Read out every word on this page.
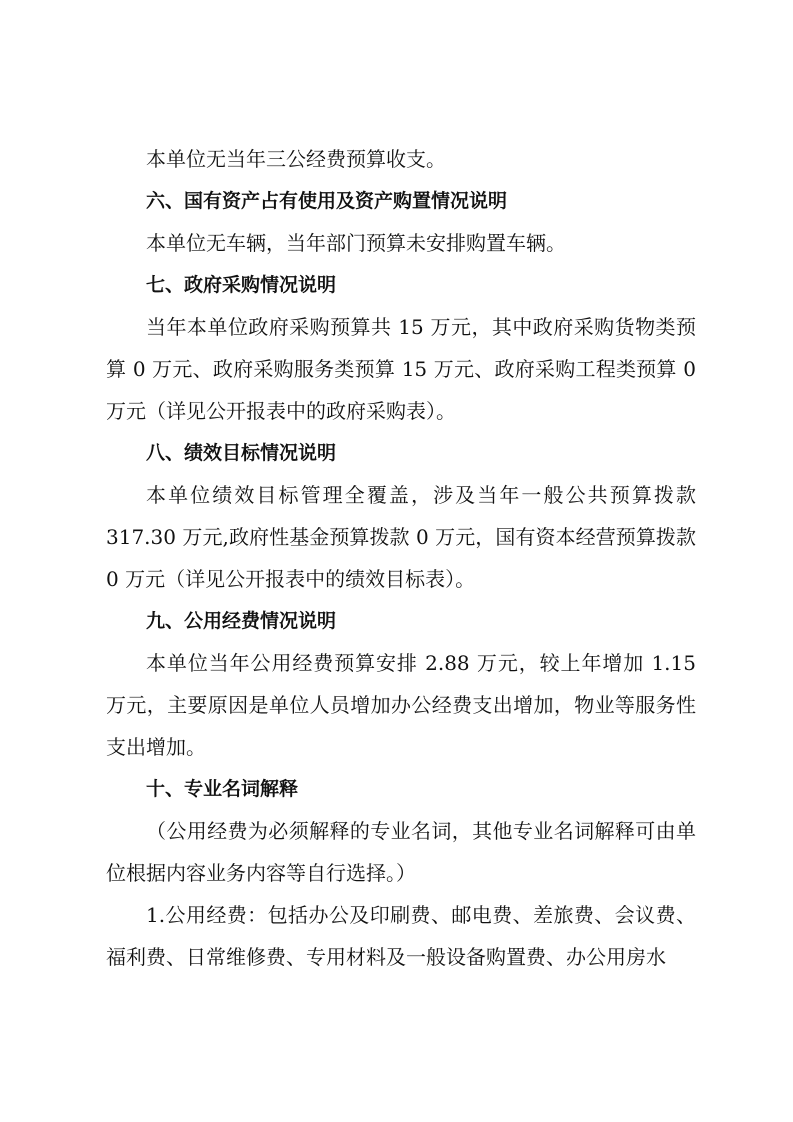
本单位无当年三公经费预算收支。

六、国有资产占有使用及资产购置情况说明

本单位无车辆，当年部门预算未安排购置车辆。

七、政府采购情况说明

当年本单位政府采购预算共 15 万元，其中政府采购货物类预算 0 万元、政府采购服务类预算 15 万元、政府采购工程类预算 0 万元（详见公开报表中的政府采购表）。

八、绩效目标情况说明

本单位绩效目标管理全覆盖，涉及当年一般公共预算拨款 317.30 万元,政府性基金预算拨款 0 万元，国有资本经营预算拨款 0 万元（详见公开报表中的绩效目标表）。

九、公用经费情况说明

本单位当年公用经费预算安排 2.88 万元，较上年增加 1.15 万元，主要原因是单位人员增加办公经费支出增加，物业等服务性支出增加。

十、专业名词解释

（公用经费为必须解释的专业名词，其他专业名词解释可由单位根据内容业务内容等自行选择。）

1.公用经费：包括办公及印刷费、邮电费、差旅费、会议费、福利费、日常维修费、专用材料及一般设备购置费、办公用房水
